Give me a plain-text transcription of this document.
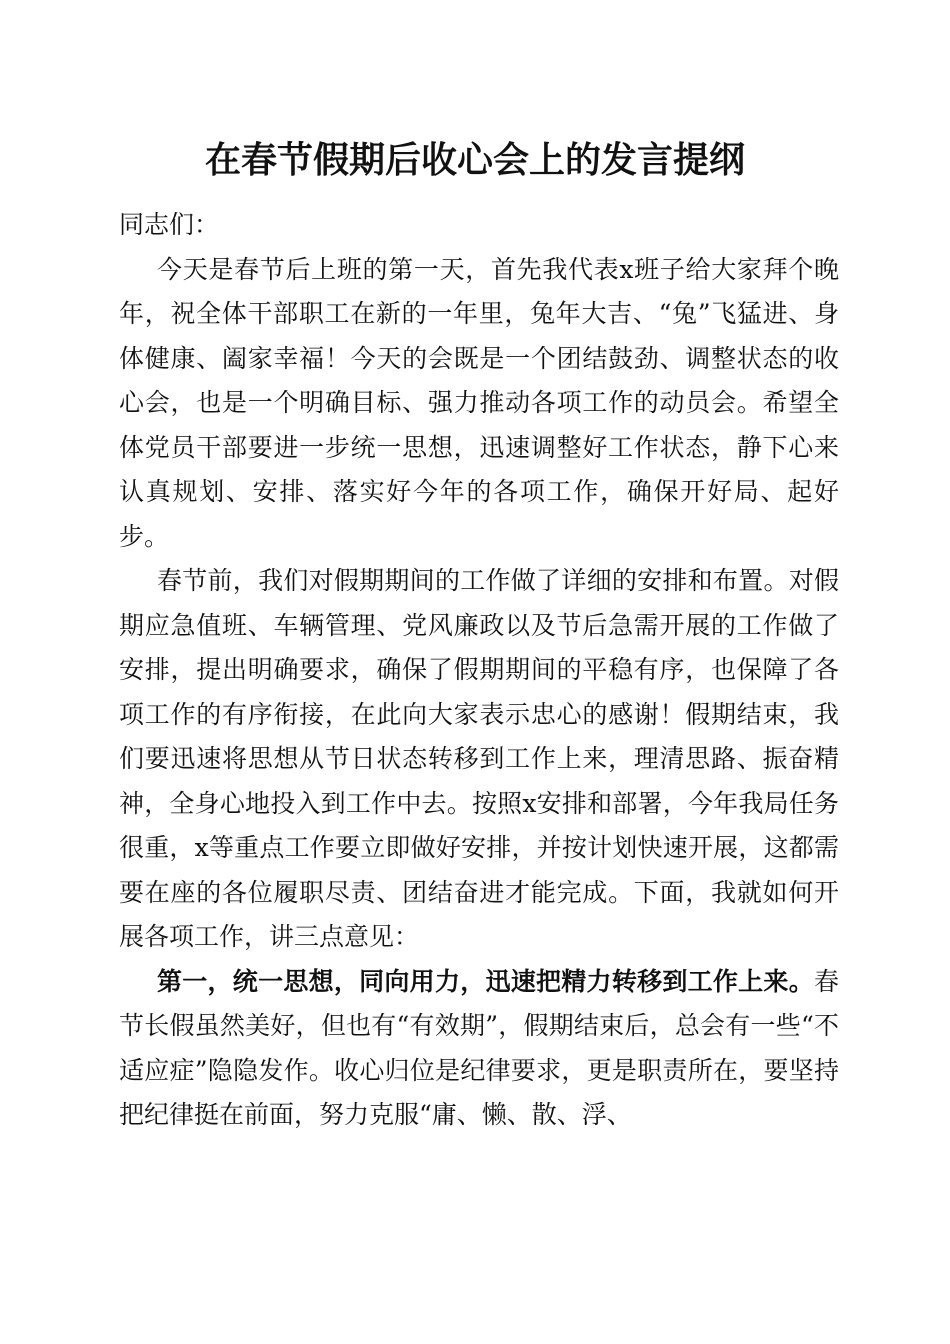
在春节假期后收心会上的发言提纲

同志们：

今天是春节后上班的第一天，首先我代表x班子给大家拜个晚年，祝全体干部职工在新的一年里，兔年大吉、“兔”飞猛进、身体健康、阖家幸福！今天的会既是一个团结鼓劲、调整状态的收心会，也是一个明确目标、强力推动各项工作的动员会。希望全体党员干部要进一步统一思想，迅速调整好工作状态，静下心来认真规划、安排、落实好今年的各项工作，确保开好局、起好步。

春节前，我们对假期期间的工作做了详细的安排和布置。对假期应急值班、车辆管理、党风廉政以及节后急需开展的工作做了安排，提出明确要求，确保了假期期间的平稳有序，也保障了各项工作的有序衔接，在此向大家表示忠心的感谢！假期结束，我们要迅速将思想从节日状态转移到工作上来，理清思路、振奋精神，全身心地投入到工作中去。按照x安排和部署，今年我局任务很重，x等重点工作要立即做好安排，并按计划快速开展，这都需要在座的各位履职尽责、团结奋进才能完成。下面，我就如何开展各项工作，讲三点意见：

第一，统一思想，同向用力，迅速把精力转移到工作上来。春节长假虽然美好，但也有“有效期”，假期结束后，总会有一些“不适应症”隐隐发作。收心归位是纪律要求，更是职责所在，要坚持把纪律挺在前面，努力克服“庸、懒、散、浮、
